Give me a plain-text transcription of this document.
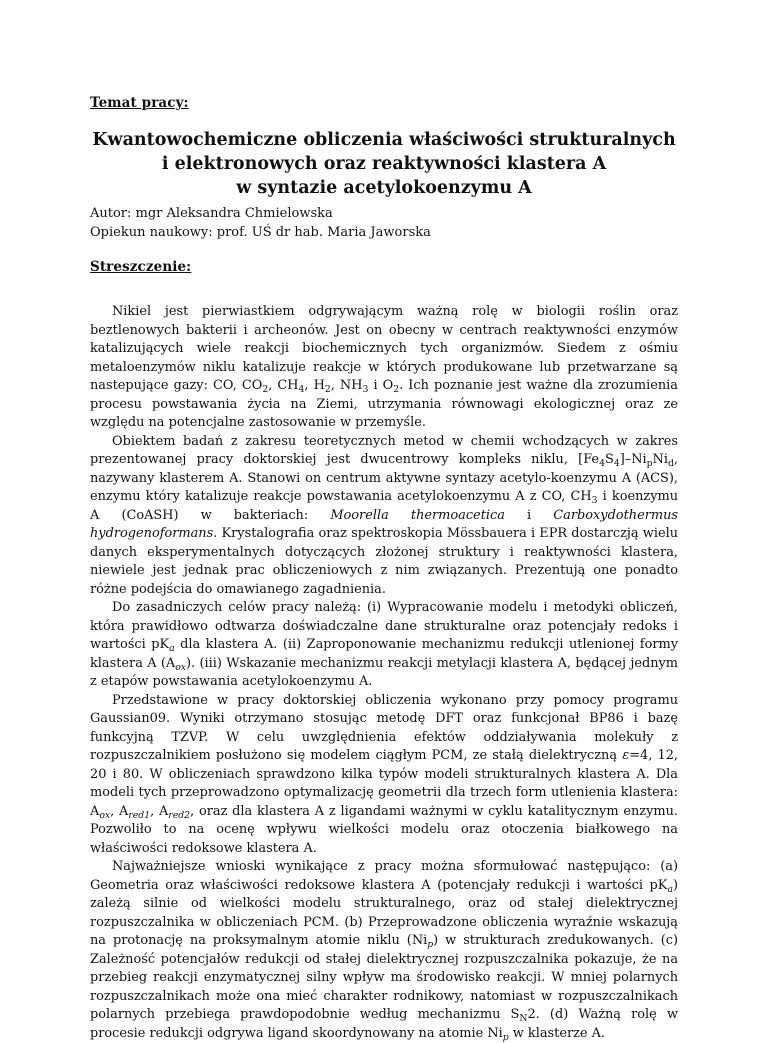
Temat pracy:
Kwantowochemiczne obliczenia właściwości strukturalnych
i elektronowych oraz reaktywności klastera A
w syntazie acetylokoenzymu A
Autor: mgr Aleksandra Chmielowska
Opiekun naukowy: prof. UŚ dr hab. Maria Jaworska
Streszczenie:

Nikiel jest pierwiastkiem odgrywającym ważną rolę w biologii roślin oraz beztlenowych bakterii i archeonów. Jest on obecny w centrach reaktywności enzymów katalizujących wiele reakcji biochemicznych tych organizmów. Siedem z ośmiu metaloenzymów niklu katalizuje reakcje w których produkowane lub przetwarzane są nastepujące gazy: CO, $CO_2$, $CH_4$, $H_2$, $NH_3$ i $O_2$. Ich poznanie jest ważne dla zrozumienia procesu powstawania życia na Ziemi, utrzymania równowagi ekologicznej oraz ze względu na potencjalne zastosowanie w przemyśle.

Obiektem badań z zakresu teoretycznych metod w chemii wchodzących w zakres prezentowanej pracy doktorskiej jest dwucentrowy kompleks niklu, $[Fe_4S_4]-Ni_pNi_d$, nazywany klasterem A. Stanowi on centrum aktywne syntazy acetylo-koenzymu A (ACS), enzymu który katalizuje reakcje powstawania acetylokoenzymu A z CO, $CH_3$ i koenzymu A (CoASH) w bakteriach: Moorella thermoacetica i Carboxydothermus hydrogenoformans. Krystalografia oraz spektroskopia Mössbauera i EPR dostarczją wielu danych eksperymentalnych dotyczących złożonej struktury i reaktywności klastera, niewiele jest jednak prac obliczeniowych z nim związanych. Prezentują one ponadto różne podejścia do omawianego zagadnienia.

Do zasadniczych celów pracy należą: (i) Wypracowanie modelu i metodyki obliczeń, która prawidłowo odtwarza doświadczalne dane strukturalne oraz potencjały redoks i wartości $pK_a$ dla klastera A. (ii) Zaproponowanie mechanizmu redukcji utlenionej formy klastera A $(A_{ox})$. (iii) Wskazanie mechanizmu reakcji metylacji klastera A, będącej jednym z etapów powstawania acetylokoenzymu A.

Przedstawione w pracy doktorskiej obliczenia wykonano przy pomocy programu Gaussian09. Wyniki otrzymano stosując metodę DFT oraz funkcjonał BP86 i bazę funkcyjną TZVP. W celu uwzględnienia efektów oddziaływania molekuły z rozpuszczalnikiem posłużono się modelem ciągłym PCM, ze stałą dielektryczną ε=4, 12, 20 i 80. W obliczeniach sprawdzono kilka typów modeli strukturalnych klastera A. Dla modeli tych przeprowadzono optymalizację geometrii dla trzech form utlenienia klastera: $A_{ox}$, $A_{red1}$, $A_{red2}$, oraz dla klastera A z ligandami ważnymi w cyklu katalitycznym enzymu. Pozwoliło to na ocenę wpływu wielkości modelu oraz otoczenia białkowego na właściwości redoksowe klastera A.

Najważniejsze wnioski wynikające z pracy można sformułować następująco: (a) Geometria oraz właściwości redoksowe klastera A (potencjały redukcji i wartości $pK_a$) zależą silnie od wielkości modelu strukturalnego, oraz od stałej dielektrycznej rozpuszczalnika w obliczeniach PCM. (b) Przeprowadzone obliczenia wyraźnie wskazują na protonację na proksymalnym atomie niklu $(Ni_p)$ w strukturach zredukowanych. (c) Zależność potencjałów redukcji od stałej dielektrycznej rozpuszczalnika pokazuje, że na przebieg reakcji enzymatycznej silny wpływ ma środowisko reakcji. W mniej polarnych rozpuszczalnikach może ona mieć charakter rodnikowy, natomiast w rozpuszczalnikach polarnych przebiega prawdopodobnie według mechanizmu $S_N2$. (d) Ważną rolę w procesie redukcji odgrywa ligand skoordynowany na atomie $Ni_p$ w klasterze A.
